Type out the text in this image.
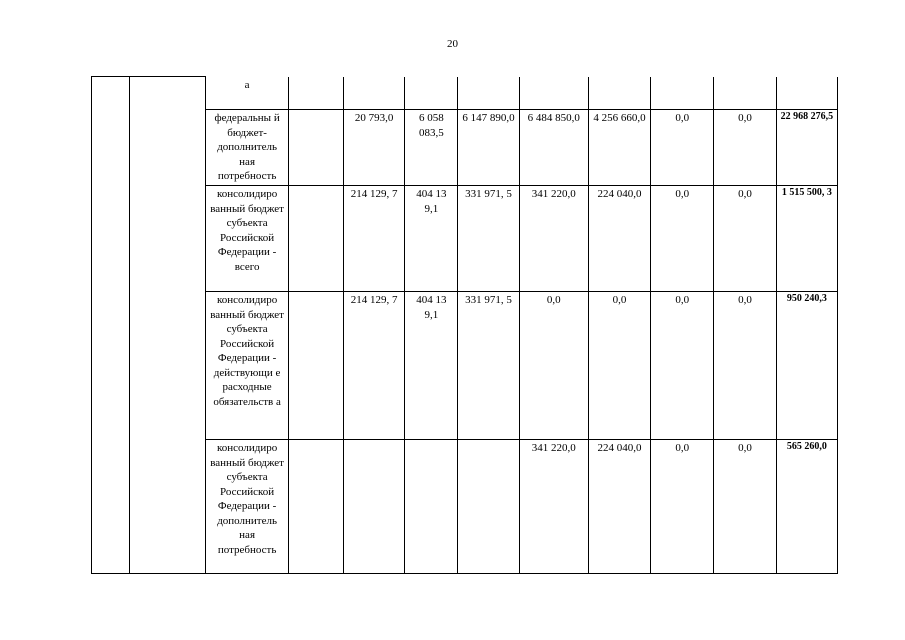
20
		а									
		федеральны й бюджет-дополнитель ная потребность		20 793,0	6 058 083,5	6 147 890,0	6 484 850,0	4 256 660,0	0,0	0,0	22 968 276,5
		консолидиро ванный бюджет субъекта Российской Федерации - всего		214 129, 7	404 13 9,1	331 971, 5	341 220,0	224 040,0	0,0	0,0	1 515 500, 3
		консолидиро ванный бюджет субъекта Российской Федерации - действующи е расходные обязательств а		214 129, 7	404 13 9,1	331 971, 5	0,0	0,0	0,0	0,0	950 240,3
		консолидиро ванный бюджет субъекта Российской Федерации - дополнитель ная потребность					341 220,0	224 040,0	0,0	0,0	565 260,0
